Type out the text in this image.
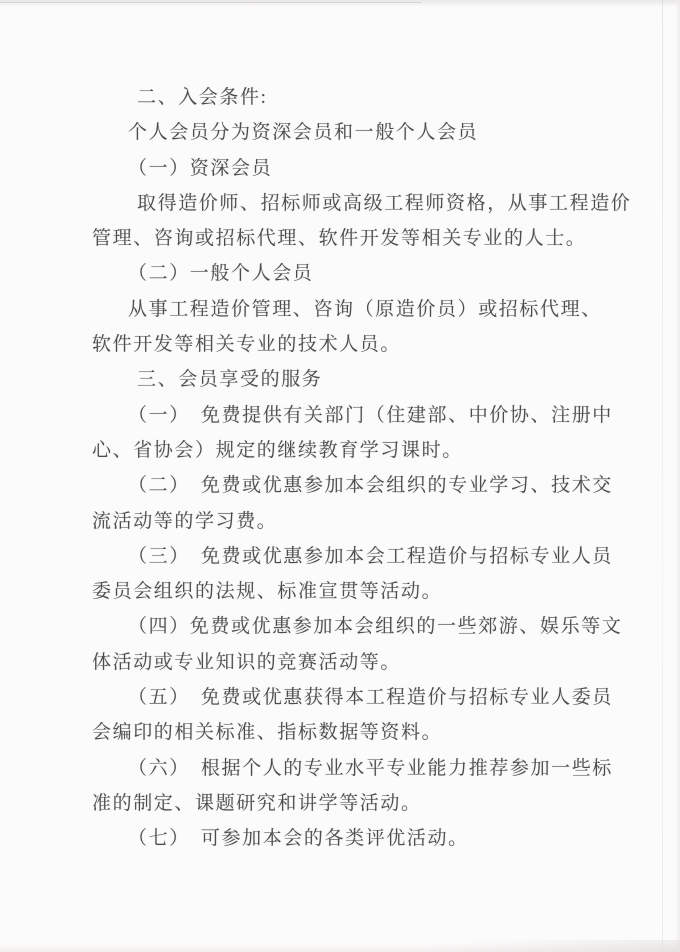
二、入会条件:
个人会员分为资深会员和一般个人会员
（一）资深会员
取得造价师、招标师或高级工程师资格，从事工程造价
管理、咨询或招标代理、软件开发等相关专业的人士。
（二）一般个人会员
从事工程造价管理、咨询（原造价员）或招标代理、
软件开发等相关专业的技术人员。
三、会员享受的服务
（一）　免费提供有关部门（住建部、中价协、注册中
心、省协会）规定的继续教育学习课时。
（二）　免费或优惠参加本会组织的专业学习、技术交
流活动等的学习费。
（三）　免费或优惠参加本会工程造价与招标专业人员
委员会组织的法规、标准宣贯等活动。
（四）免费或优惠参加本会组织的一些郊游、娱乐等文
体活动或专业知识的竞赛活动等。
（五）　免费或优惠获得本工程造价与招标专业人委员
会编印的相关标准、指标数据等资料。
（六）　根据个人的专业水平专业能力推荐参加一些标
准的制定、课题研究和讲学等活动。
（七）　可参加本会的各类评优活动。
